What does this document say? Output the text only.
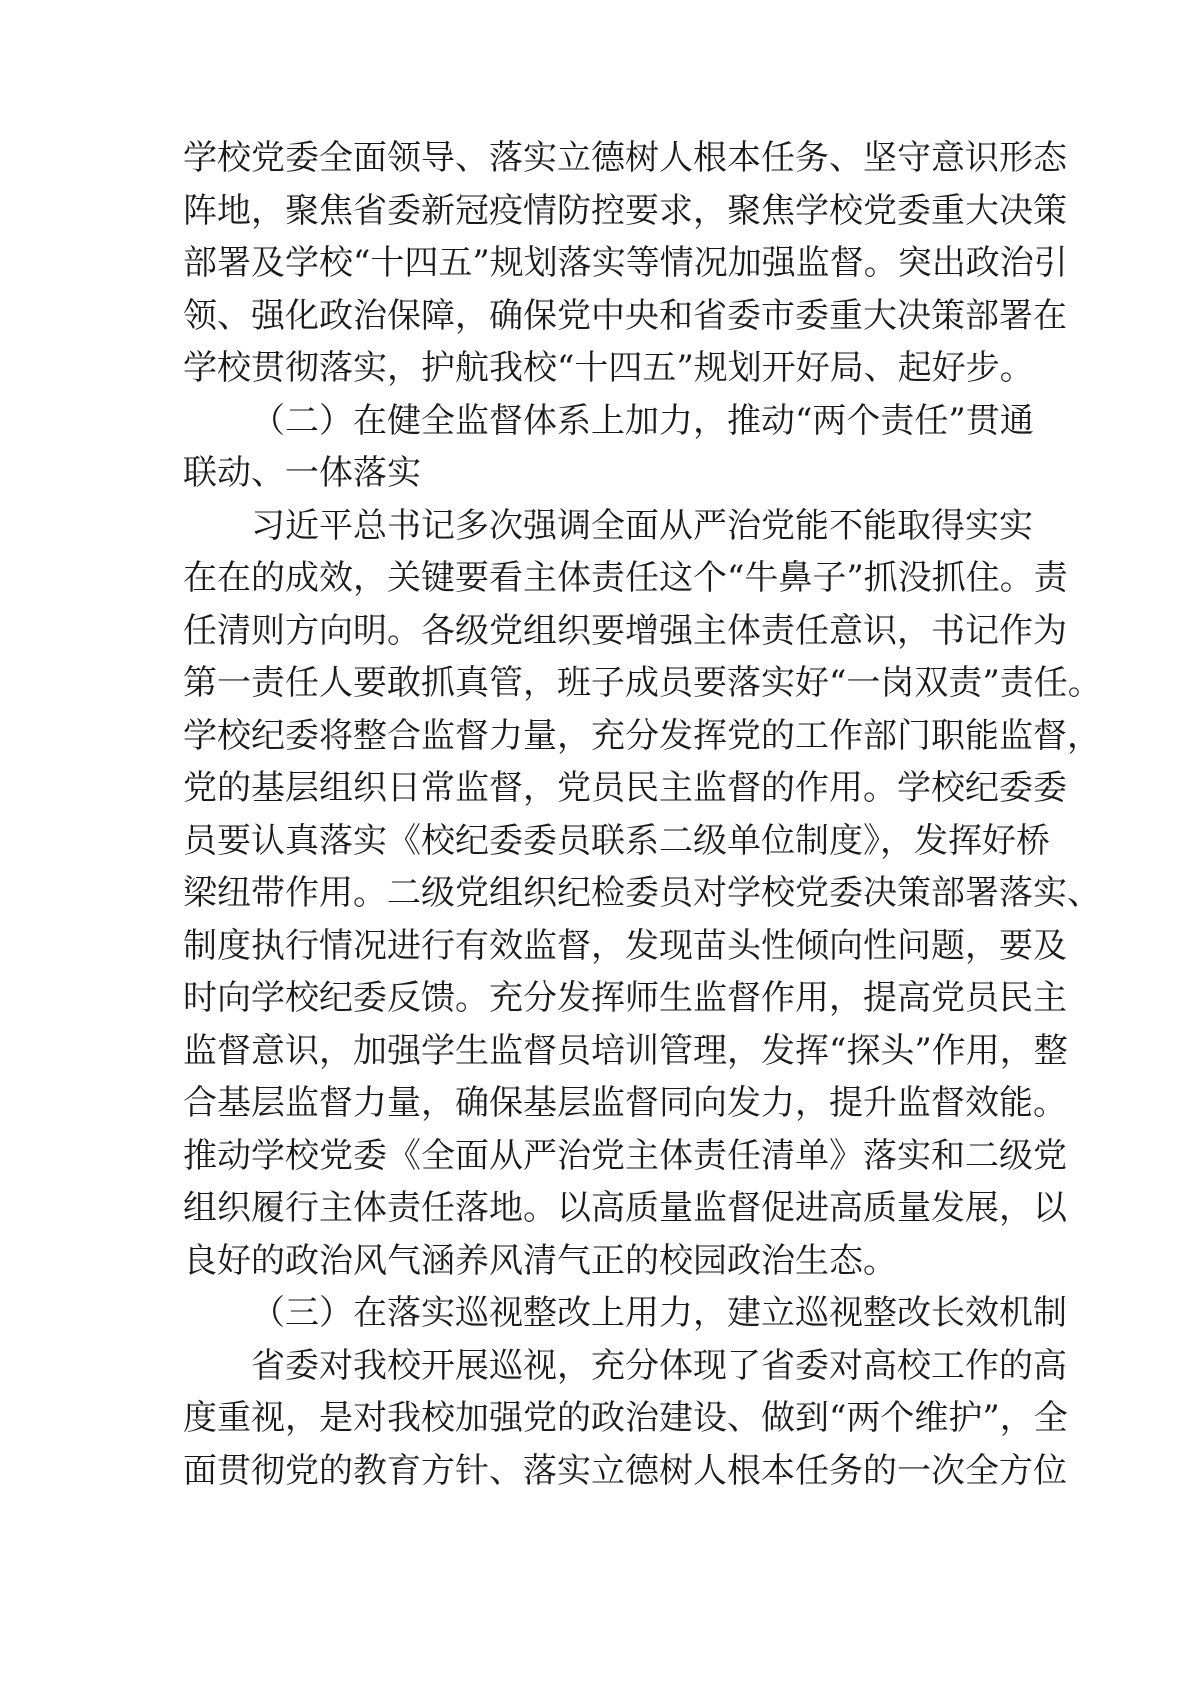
学校党委全面领导、落实立德树人根本任务、坚守意识形态
阵地，聚焦省委新冠疫情防控要求，聚焦学校党委重大决策
部署及学校“十四五”规划落实等情况加强监督。突出政治引
领、强化政治保障，确保党中央和省委市委重大决策部署在
学校贯彻落实，护航我校“十四五”规划开好局、起好步。
（二）在健全监督体系上加力，推动“两个责任”贯通
联动、一体落实
习近平总书记多次强调全面从严治党能不能取得实实
在在的成效，关键要看主体责任这个“牛鼻子”抓没抓住。责
任清则方向明。各级党组织要增强主体责任意识，书记作为
第一责任人要敢抓真管，班子成员要落实好“一岗双责”责任。
学校纪委将整合监督力量，充分发挥党的工作部门职能监督，
党的基层组织日常监督，党员民主监督的作用。学校纪委委
员要认真落实《校纪委委员联系二级单位制度》，发挥好桥
梁纽带作用。二级党组织纪检委员对学校党委决策部署落实、
制度执行情况进行有效监督，发现苗头性倾向性问题，要及
时向学校纪委反馈。充分发挥师生监督作用，提高党员民主
监督意识，加强学生监督员培训管理，发挥“探头”作用，整
合基层监督力量，确保基层监督同向发力，提升监督效能。
推动学校党委《全面从严治党主体责任清单》落实和二级党
组织履行主体责任落地。以高质量监督促进高质量发展，以
良好的政治风气涵养风清气正的校园政治生态。
（三）在落实巡视整改上用力，建立巡视整改长效机制
省委对我校开展巡视，充分体现了省委对高校工作的高
度重视，是对我校加强党的政治建设、做到“两个维护”，全
面贯彻党的教育方针、落实立德树人根本任务的一次全方位
